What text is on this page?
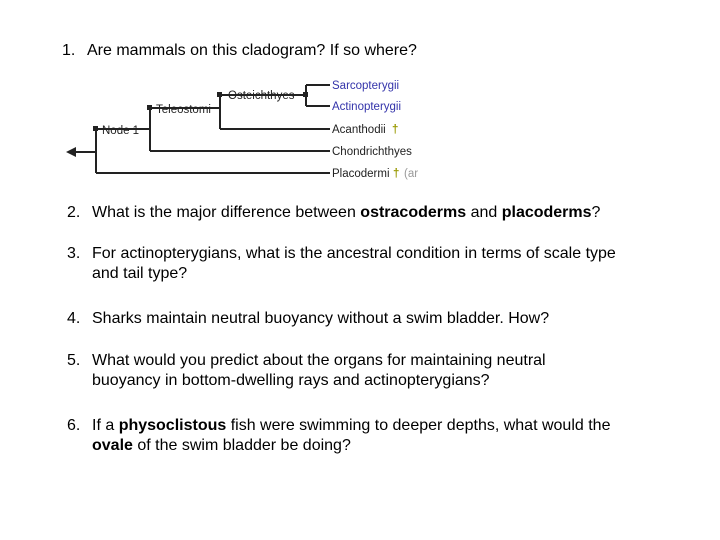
1. Are mammals on this cladogram? If so where?
Node 1
Teleostomi
Osteichthyes
Sarcopterygii
Actinopterygii
Acanthodii †
Chondrichthyes
Placodermi † (ar
2. What is the major difference between ostracoderms and placoderms?
3. For actinopterygians, what is the ancestral condition in terms of scale type
and tail type?
4. Sharks maintain neutral buoyancy without a swim bladder. How?
5. What would you predict about the organs for maintaining neutral
buoyancy in bottom-dwelling rays and actinopterygians?
6. If a physoclistous fish were swimming to deeper depths, what would the
ovale of the swim bladder be doing?
